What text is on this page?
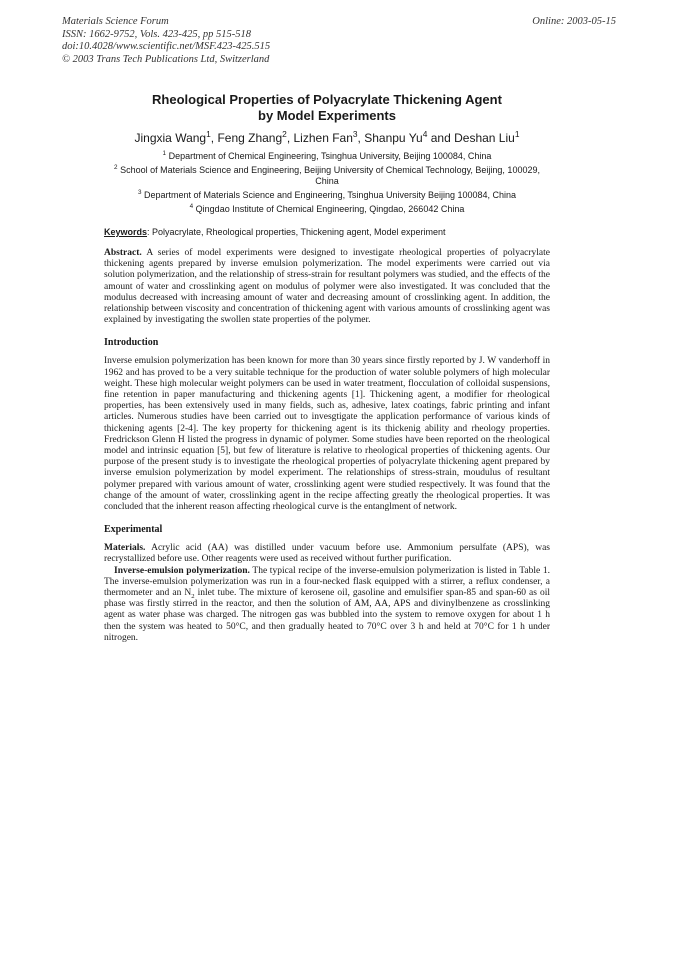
Materials Science Forum
ISSN: 1662-9752, Vols. 423-425, pp 515-518
doi:10.4028/www.scientific.net/MSF.423-425.515
© 2003 Trans Tech Publications Ltd, Switzerland
Online: 2003-05-15
Rheological Properties of Polyacrylate Thickening Agent
by Model Experiments
Jingxia Wang$^1$, Feng Zhang$^2$, Lizhen Fan$^3$, Shanpu Yu$^4$ and Deshan Liu$^1$
$^1$ Department of Chemical Engineering, Tsinghua University, Beijing 100084, China
$^2$ School of Materials Science and Engineering, Beijing University of Chemical Technology, Beijing, 100029, China
$^3$ Department of Materials Science and Engineering, Tsinghua University Beijing 100084, China
$^4$ Qingdao Institute of Chemical Engineering, Qingdao, 266042 China
Keywords: Polyacrylate, Rheological properties, Thickening agent, Model experiment

Abstract. A series of model experiments were designed to investigate rheological properties of polyacrylate thickening agents prepared by inverse emulsion polymerization. The model experiments were carried out via solution polymerization, and the relationship of stress-strain for resultant polymers was studied, and the effects of the amount of water and crosslinking agent on modulus of polymer were also investigated. It was concluded that the modulus decreased with increasing amount of water and decreasing amount of crosslinking agent. In addition, the relationship between viscosity and concentration of thickening agent with various amounts of crosslinking agent was explained by investigating the swollen state properties of the polymer.

Introduction

Inverse emulsion polymerization has been known for more than 30 years since firstly reported by J. W vanderhoff in 1962 and has proved to be a very suitable technique for the production of water soluble polymers of high molecular weight. These high molecular weight polymers can be used in water treatment, flocculation of colloidal suspensions, fine retention in paper manufacturing and thickening agents [1]. Thickening agent, a modifier for rheological properties, has been extensively used in many fields, such as, adhesive, latex coatings, fabric printing and infant articles. Numerous studies have been carried out to invesgtigate the application performance of various kinds of thickening agents [2-4]. The key property for thickening agent is its thickenig ability and rheology properties. Fredrickson Glenn H listed the progress in dynamic of polymer. Some studies have been reported on the rheological model and intrinsic equation [5], but few of literature is relative to rheological properties of thickening agents. Our purpose of the present study is to investigate the rheological properties of polyacrylate thickening agent prepared by inverse emulsion polymerization by model experiment. The relationships of stress-strain, moudulus of resultant polymer prepared with various amount of water, crosslinking agent were studied respectively. It was found that the change of the amount of water, crosslinking agent in the recipe affecting greatly the rheological properties. It was concluded that the inherent reason affecting rheological curve is the entanglment of network.

Experimental

Materials. Acrylic acid (AA) was distilled under vacuum before use. Ammonium persulfate (APS), was recrystallized before use. Other reagents were used as received without further purification.

Inverse-emulsion polymerization. The typical recipe of the inverse-emulsion polymerization is listed in Table 1. The inverse-emulsion polymerization was run in a four-necked flask equipped with a stirrer, a reflux condenser, a thermometer and an $N_2$ inlet tube. The mixture of kerosene oil, gasoline and emulsifier span-85 and span-60 as oil phase was firstly stirred in the reactor, and then the solution of AM, AA, APS and divinylbenzene as crosslinking agent as water phase was charged. The nitrogen gas was bubbled into the system to remove oxygen for about 1 h then the system was heated to 50°C, and then gradually heated to 70°C over 3 h and held at 70°C for 1 h under nitrogen.
